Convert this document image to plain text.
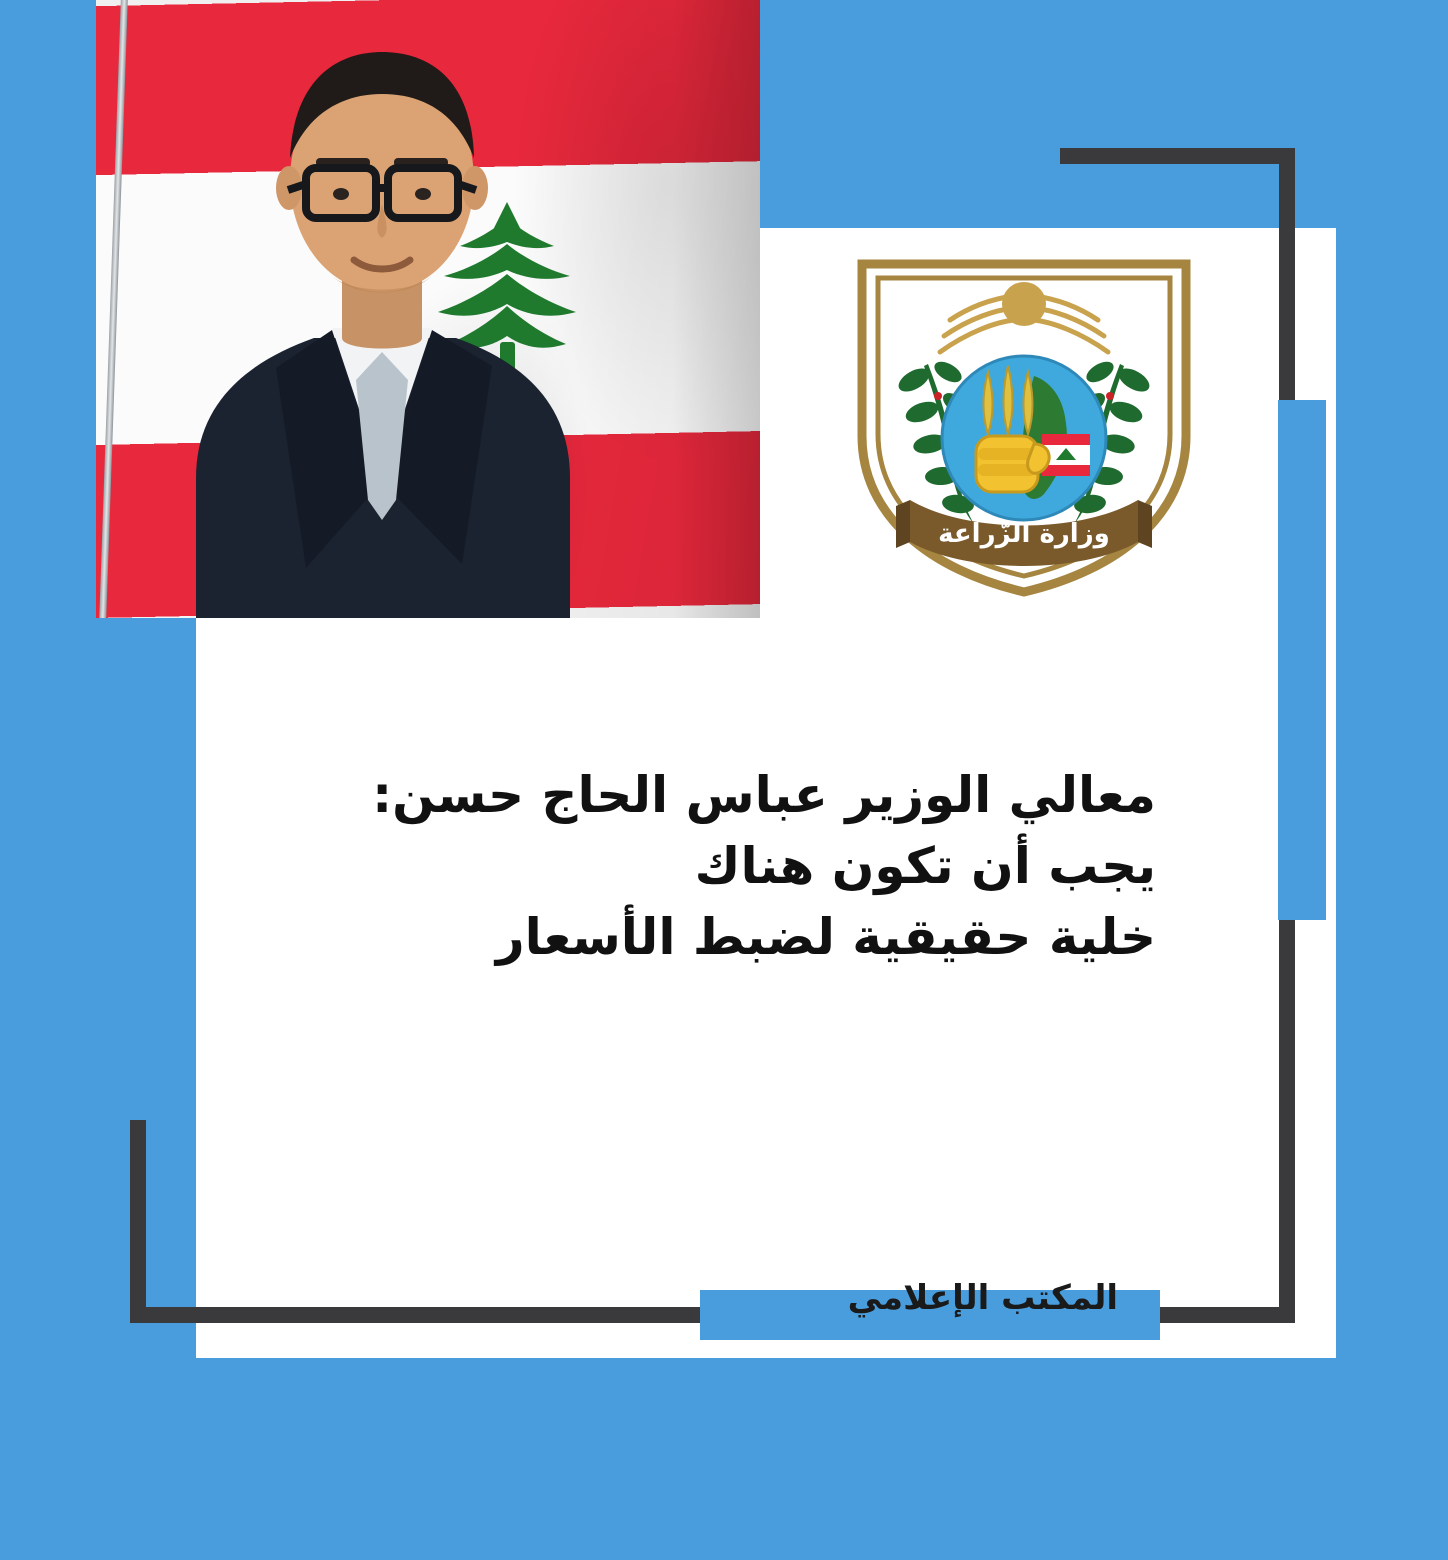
وزارة الزّراعة
معالي الوزير عباس الحاج حسن:
يجب أن تكون هناك
خلية حقيقية لضبط الأسعار
المكتب الإعلامي
